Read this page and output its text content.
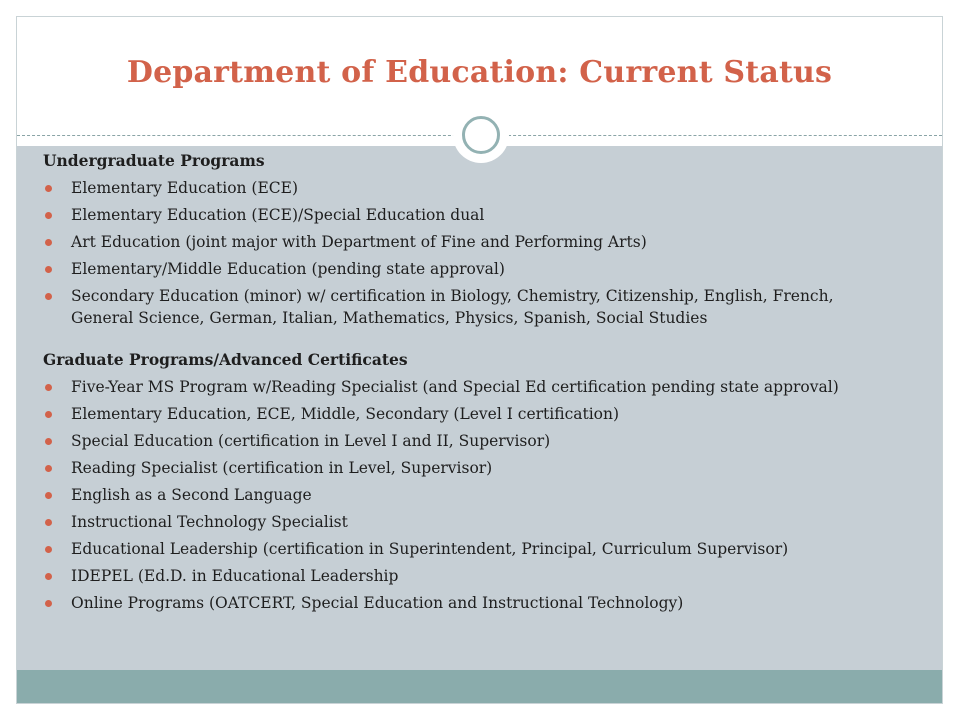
Department of Education: Current Status
Undergraduate Programs
Elementary Education (ECE)
Elementary Education (ECE)/Special Education dual
Art Education (joint major with Department of Fine and Performing Arts)
Elementary/Middle Education (pending state approval)
Secondary Education (minor) w/ certification in Biology, Chemistry, Citizenship, English, French, General Science, German, Italian, Mathematics, Physics, Spanish, Social Studies
Graduate Programs/Advanced Certificates
Five-Year MS Program w/Reading Specialist (and Special Ed certification pending state approval)
Elementary Education, ECE, Middle, Secondary (Level I certification)
Special Education (certification in Level I and II, Supervisor)
Reading Specialist (certification in Level, Supervisor)
English as a Second Language
Instructional Technology Specialist
Educational Leadership (certification in Superintendent, Principal, Curriculum Supervisor)
IDEPEL (Ed.D. in Educational Leadership
Online Programs (OATCERT, Special Education and Instructional Technology)
